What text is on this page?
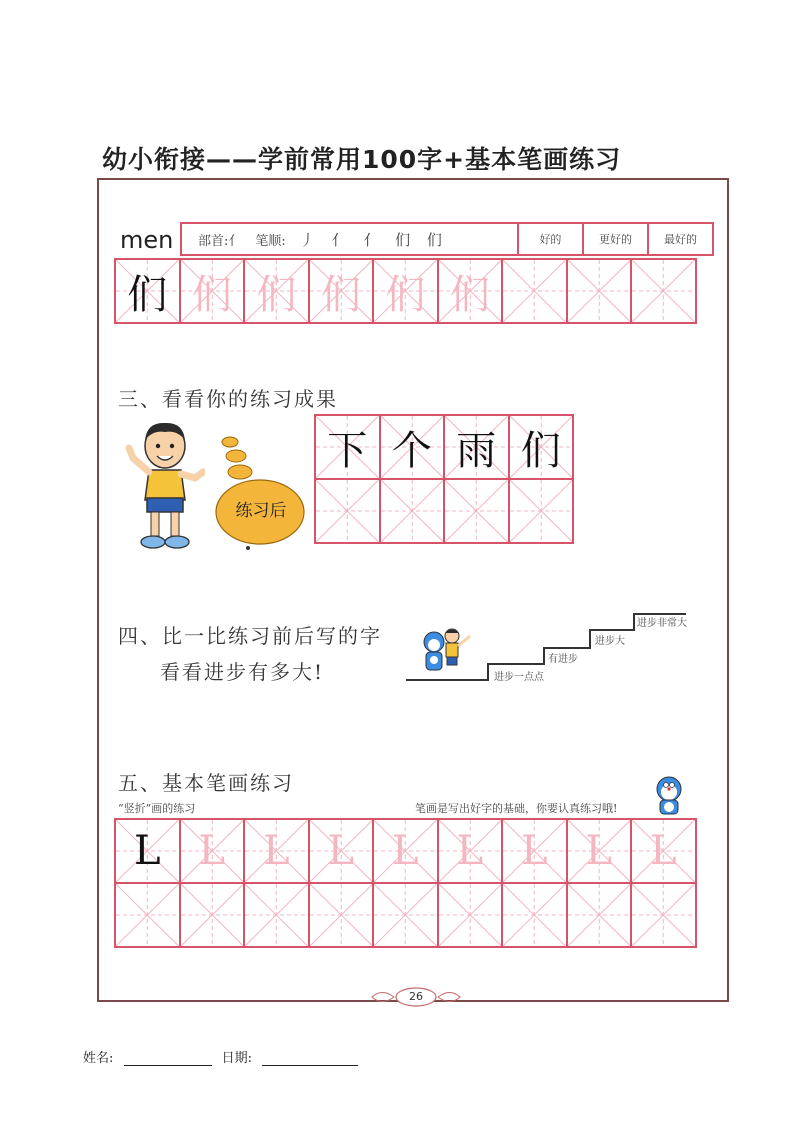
幼小衔接——学前常用100字+基本笔画练习
men 部首:亻 笔顺: 丿 亻 亻 们 们	好的	更好的	最好的
们 们 们 们 们 们
三、看看你的练习成果
练习后
下 个 雨 们
四、比一比练习前后写的字
看看进步有多大!	进步一点点
有进步
进步大
进步非常大
五、基本笔画练习
“竖折”画的练习	笔画是写出好字的基础，你要认真练习哦!
L L L L L L L L L
26
姓名:	日期:
